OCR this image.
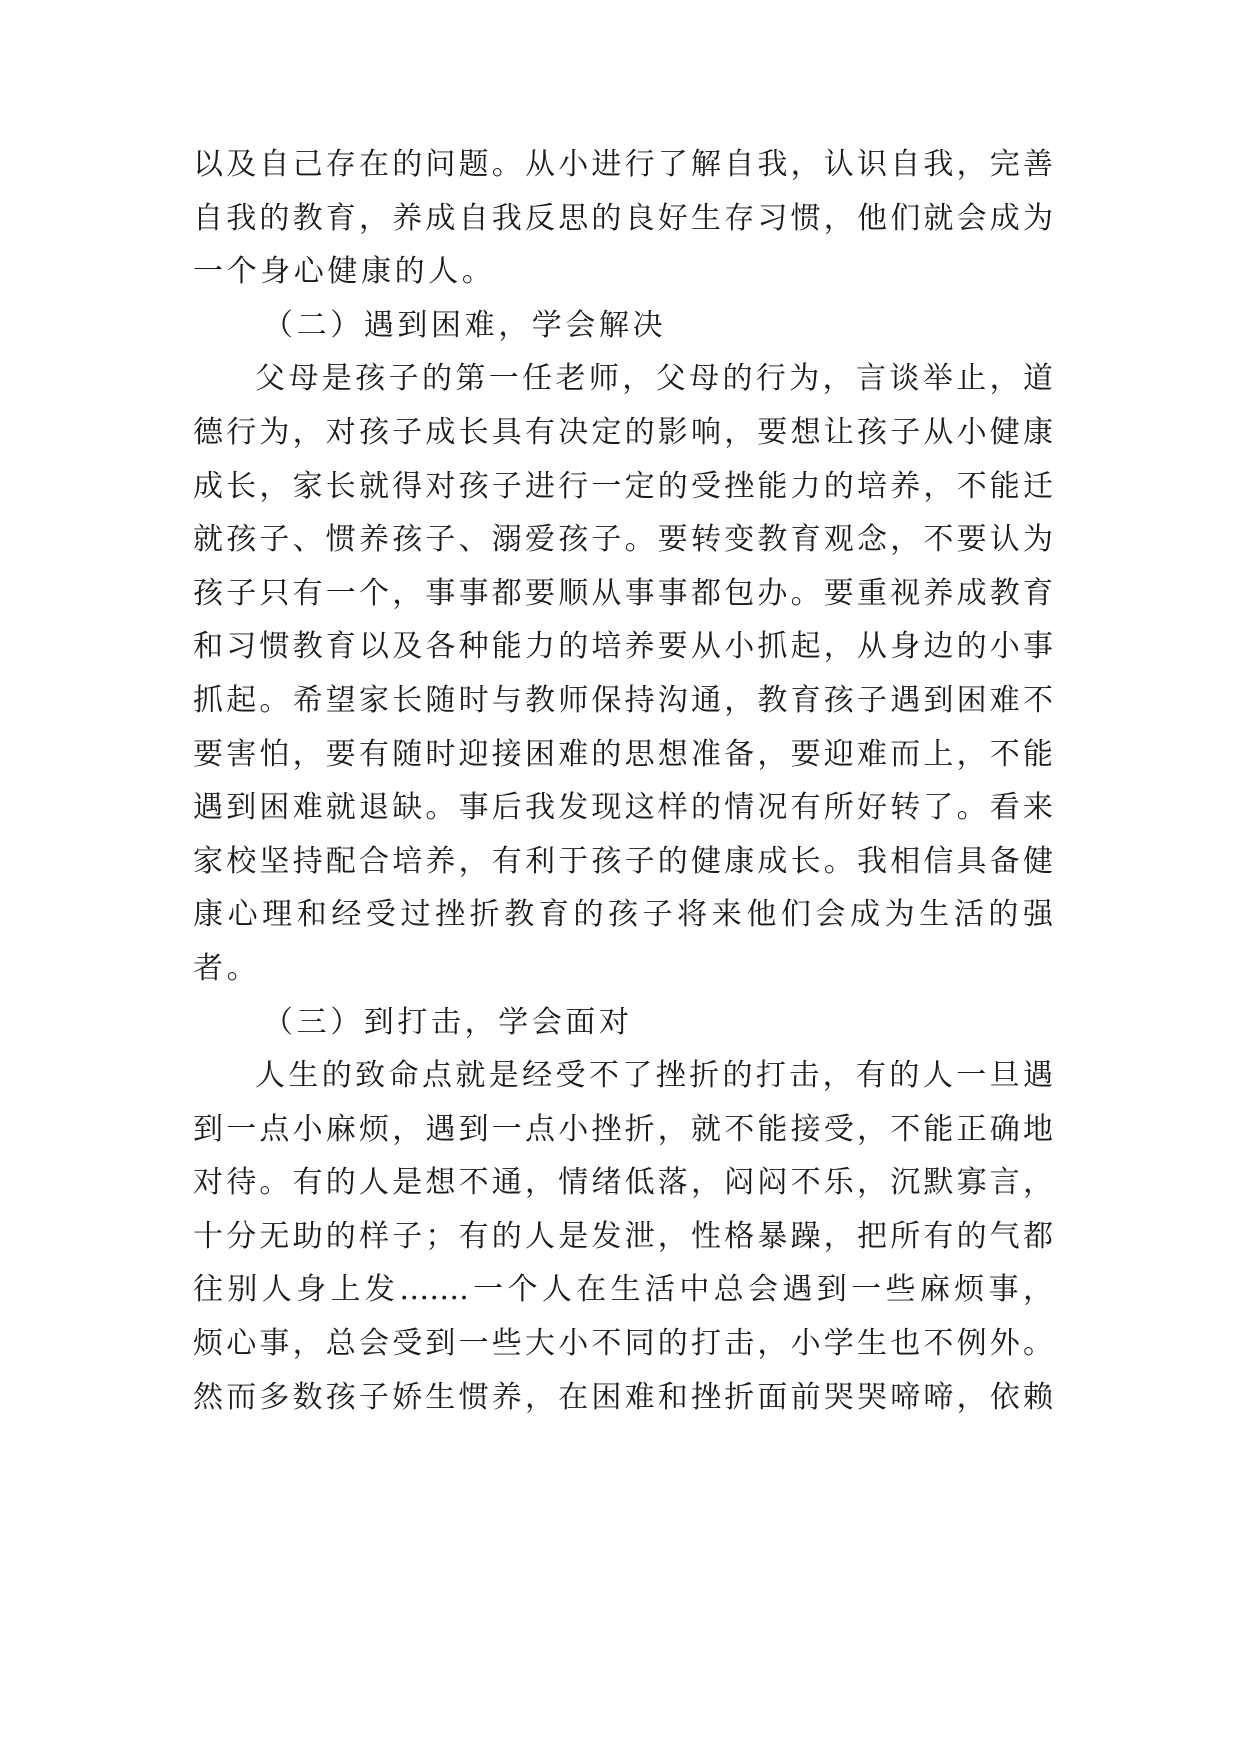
以及自己存在的问题。从小进行了解自我，认识自我，完善
自我的教育，养成自我反思的良好生存习惯，他们就会成为
一个身心健康的人。
（二）遇到困难，学会解决
父母是孩子的第一任老师，父母的行为，言谈举止，道
德行为，对孩子成长具有决定的影响，要想让孩子从小健康
成长，家长就得对孩子进行一定的受挫能力的培养，不能迁
就孩子、惯养孩子、溺爱孩子。要转变教育观念，不要认为
孩子只有一个，事事都要顺从事事都包办。要重视养成教育
和习惯教育以及各种能力的培养要从小抓起，从身边的小事
抓起。希望家长随时与教师保持沟通，教育孩子遇到困难不
要害怕，要有随时迎接困难的思想准备，要迎难而上，不能
遇到困难就退缺。事后我发现这样的情况有所好转了。看来
家校坚持配合培养，有利于孩子的健康成长。我相信具备健
康心理和经受过挫折教育的孩子将来他们会成为生活的强
者。
（三）到打击，学会面对
人生的致命点就是经受不了挫折的打击，有的人一旦遇
到一点小麻烦，遇到一点小挫折，就不能接受，不能正确地
对待。有的人是想不通，情绪低落，闷闷不乐，沉默寡言，
十分无助的样子；有的人是发泄，性格暴躁，把所有的气都
往别人身上发…….一个人在生活中总会遇到一些麻烦事，
烦心事，总会受到一些大小不同的打击，小学生也不例外。
然而多数孩子娇生惯养，在困难和挫折面前哭哭啼啼，依赖
